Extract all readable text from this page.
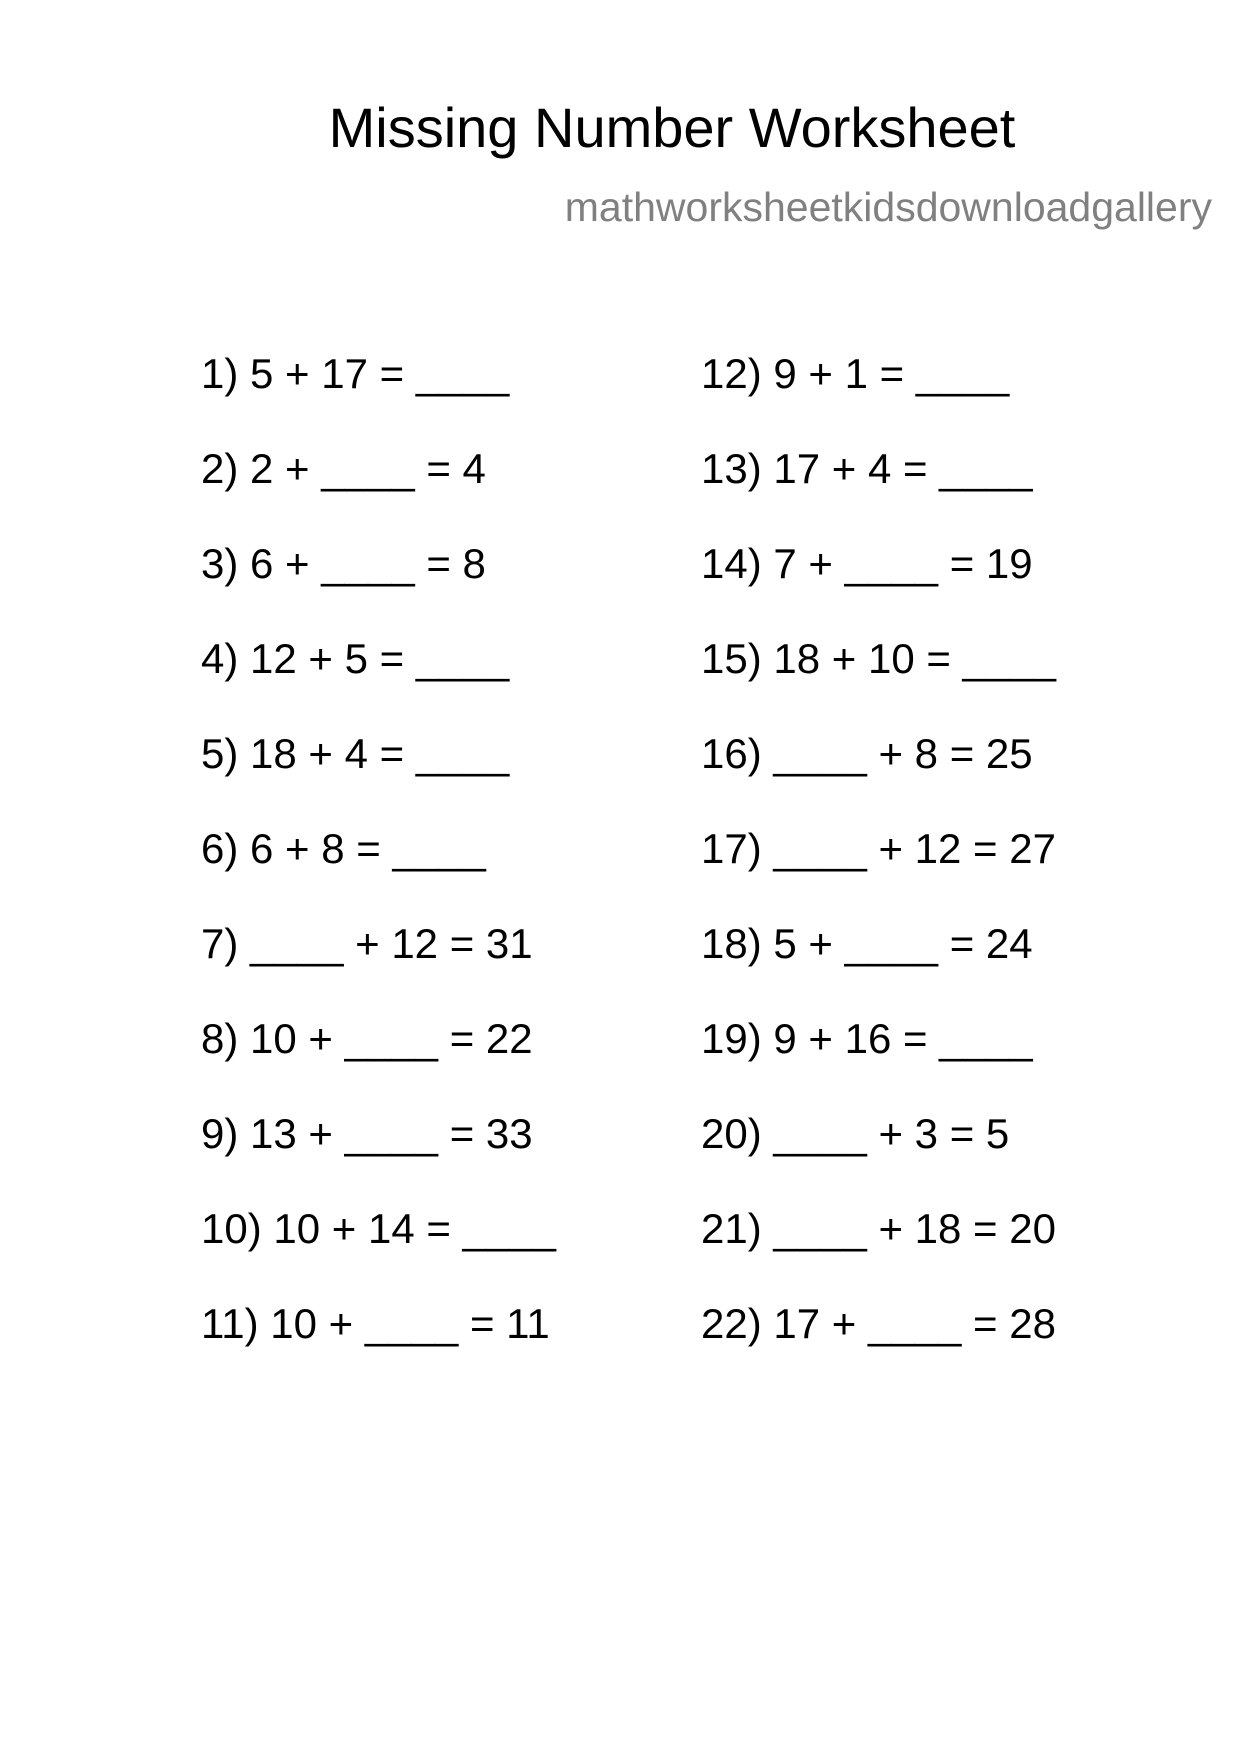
Missing Number Worksheet
mathworksheetkidsdownloadgallery
1) 5 + 17 = ____
2) 2 + ____ = 4
3) 6 + ____ = 8
4) 12 + 5 = ____
5) 18 + 4 = ____
6) 6 + 8 = ____
7) ____ + 12 = 31
8) 10 + ____ = 22
9) 13 + ____ = 33
10) 10 + 14 = ____
11) 10 + ____ = 11
12) 9 + 1 = ____
13) 17 + 4 = ____
14) 7 + ____ = 19
15) 18 + 10 = ____
16) ____ + 8 = 25
17) ____ + 12 = 27
18) 5 + ____ = 24
19) 9 + 16 = ____
20) ____ + 3 = 5
21) ____ + 18 = 20
22) 17 + ____ = 28
